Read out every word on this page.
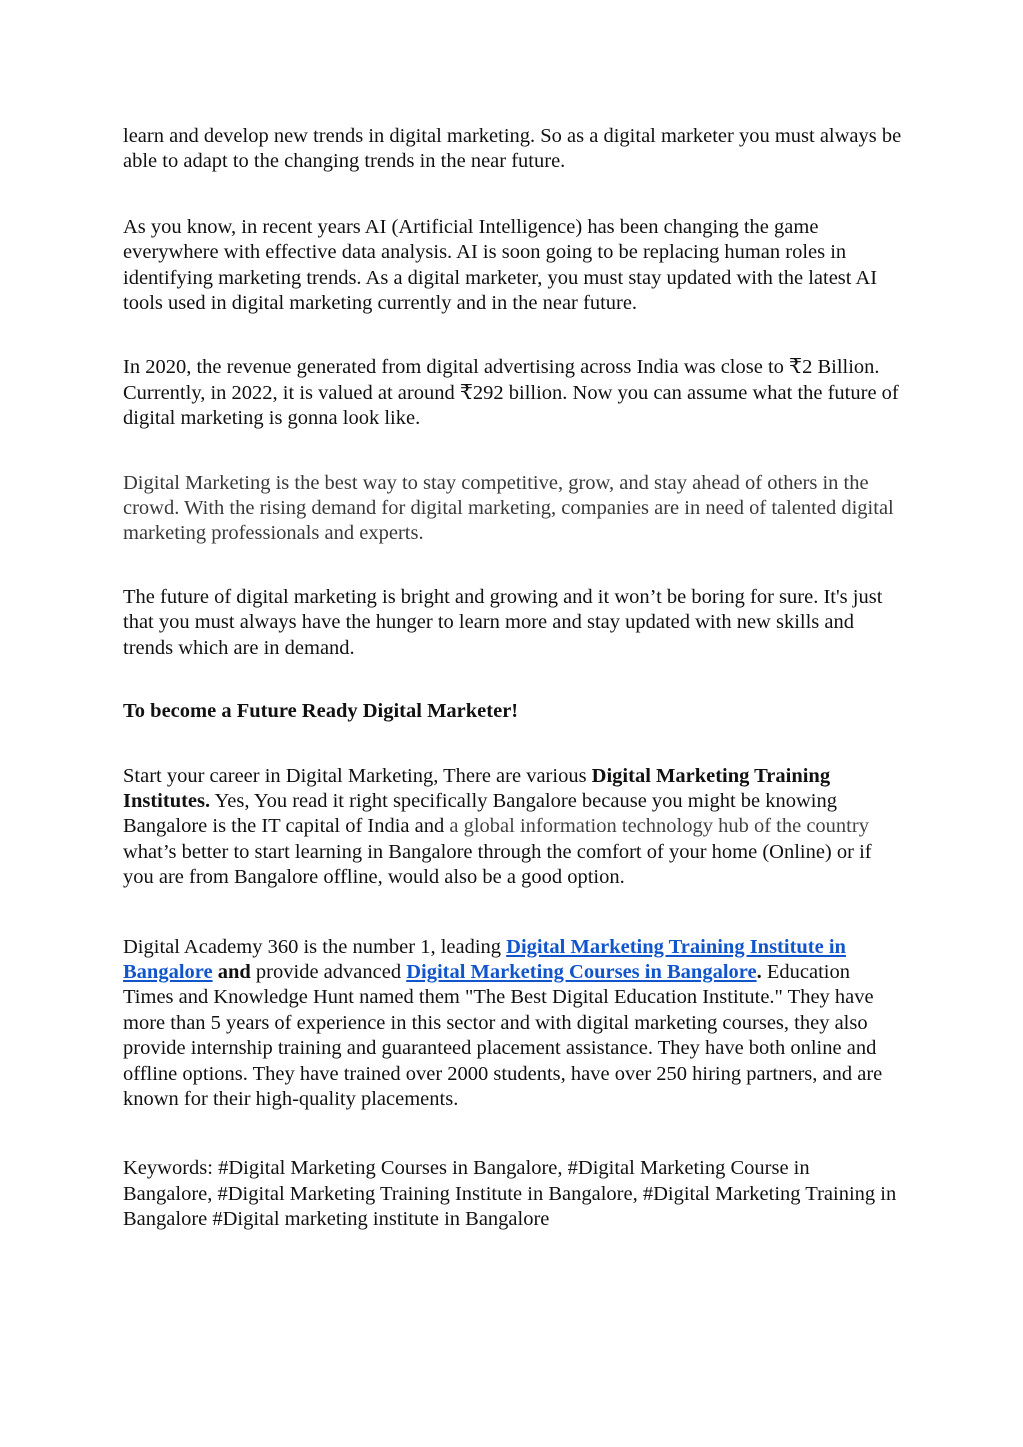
learn and develop new trends in digital marketing. So as a digital marketer you must always be able to adapt to the changing trends in the near future.

As you know, in recent years AI (Artificial Intelligence) has been changing the game everywhere with effective data analysis. AI is soon going to be replacing human roles in identifying marketing trends. As a digital marketer, you must stay updated with the latest AI tools used in digital marketing currently and in the near future.

In 2020, the revenue generated from digital advertising across India was close to ₹2 Billion. Currently, in 2022, it is valued at around ₹292 billion. Now you can assume what the future of digital marketing is gonna look like.

Digital Marketing is the best way to stay competitive, grow, and stay ahead of others in the crowd. With the rising demand for digital marketing, companies are in need of talented digital marketing professionals and experts.

The future of digital marketing is bright and growing and it won’t be boring for sure. It's just that you must always have the hunger to learn more and stay updated with new skills and trends which are in demand.

To become a Future Ready Digital Marketer!

Start your career in Digital Marketing, There are various Digital Marketing Training Institutes. Yes, You read it right specifically Bangalore because you might be knowing Bangalore is the IT capital of India and a global information technology hub of the country what’s better to start learning in Bangalore through the comfort of your home (Online) or if you are from Bangalore offline, would also be a good option.

Digital Academy 360 is the number 1, leading Digital Marketing Training Institute in Bangalore and provide advanced Digital Marketing Courses in Bangalore. Education Times and Knowledge Hunt named them "The Best Digital Education Institute." They have more than 5 years of experience in this sector and with digital marketing courses, they also provide internship training and guaranteed placement assistance. They have both online and offline options. They have trained over 2000 students, have over 250 hiring partners, and are known for their high-quality placements.

Keywords: #Digital Marketing Courses in Bangalore, #Digital Marketing Course in Bangalore, #Digital Marketing Training Institute in Bangalore, #Digital Marketing Training in Bangalore #Digital marketing institute in Bangalore
